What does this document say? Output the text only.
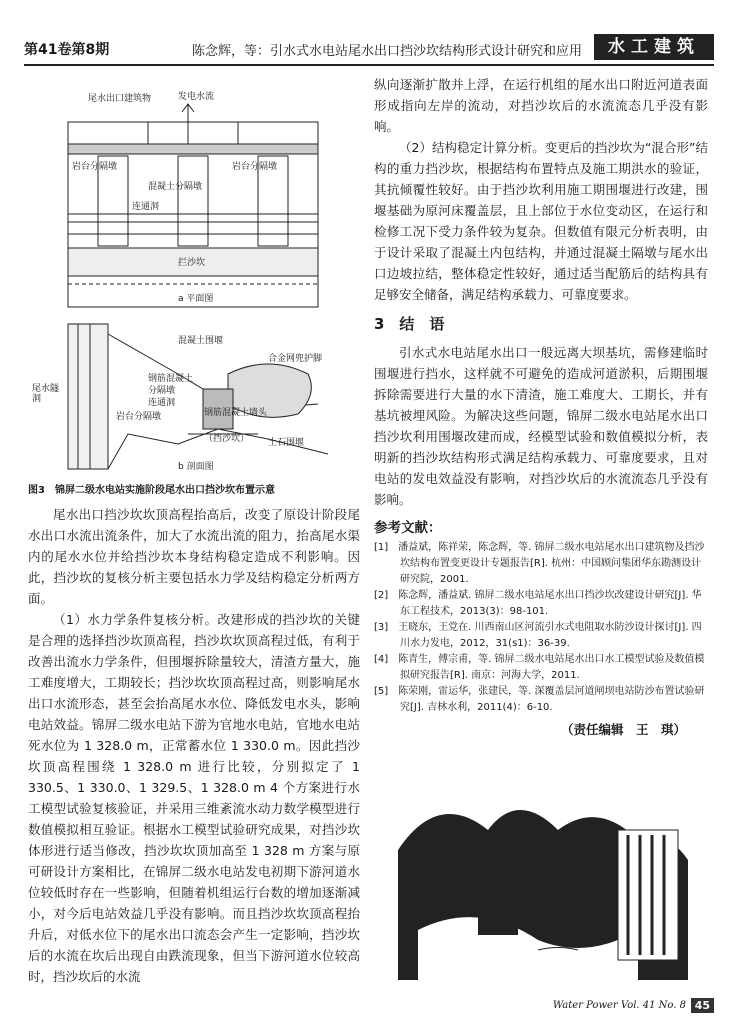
第41卷第8期	陈念辉，等：引水式水电站尾水出口挡沙坎结构形式设计研究和应用	水工建筑
尾水出口建筑物	发电水流
岩台分隔墩	岩台分隔墩
混凝土分隔墩
连通洞
拦沙坎
a 平面图
混凝土围堰
合金网兜护脚
钢筋混凝土
分隔墩
连通洞
尾水隧洞
岩台分隔墩	钢筋混凝土墙头
（挡沙坎） 土石围堰
b 剖面图
图3　锦屏二级水电站实施阶段尾水出口挡沙坎布置示意

尾水出口挡沙坎坎顶高程抬高后，改变了原设计阶段尾水出口水流出流条件，加大了水流出流的阻力，抬高尾水渠内的尾水水位并给挡沙坎本身结构稳定造成不利影响。因此，挡沙坎的复核分析主要包括水力学及结构稳定分析两方面。

（1）水力学条件复核分析。改建形成的挡沙坎的关键是合理的选择挡沙坎顶高程，挡沙坎坎顶高程过低，有利于改善出流水力学条件，但围堰拆除量较大，清渣方量大，施工难度增大，工期较长；挡沙坎坎顶高程过高，则影响尾水出口水流形态，甚至会抬高尾水水位、降低发电水头，影响电站效益。锦屏二级水电站下游为官地水电站，官地水电站死水位为 1 328.0 m，正常蓄水位 1 330.0 m。因此挡沙坎顶高程围绕 1 328.0 m 进行比较，分别拟定了 1 330.5、1 330.0、1 329.5、1 328.0 m 4 个方案进行水工模型试验复核验证，并采用三维紊流水动力数学模型进行数值模拟相互验证。根据水工模型试验研究成果，对挡沙坎体形进行适当修改，挡沙坎坎顶加高至 1 328 m 方案与原可研设计方案相比，在锦屏二级水电站发电初期下游河道水位较低时存在一些影响，但随着机组运行台数的增加逐渐减小，对今后电站效益几乎没有影响。而且挡沙坎坎顶高程抬升后，对低水位下的尾水出口流态会产生一定影响，挡沙坎后的水流在坎后出现自由跌流现象，但当下游河道水位较高时，挡沙坎后的水流

纵向逐渐扩散并上浮，在运行机组的尾水出口附近河道表面形成指向左岸的流动，对挡沙坎后的水流流态几乎没有影响。

（2）结构稳定计算分析。变更后的挡沙坎为“混合形”结构的重力挡沙坎，根据结构布置特点及施工期洪水的验证，其抗倾覆性较好。由于挡沙坎利用施工期围堰进行改建，围堰基础为原河床覆盖层，且上部位于水位变动区，在运行和检修工况下受力条件较为复杂。但数值有限元分析表明，由于设计采取了混凝土内包结构，并通过混凝土隔墩与尾水出口边坡拉结，整体稳定性较好，通过适当配筋后的结构具有足够安全储备，满足结构承载力、可靠度要求。

3　结　语

引水式水电站尾水出口一般远离大坝基坑，需修建临时围堰进行挡水，这样就不可避免的造成河道淤积，后期围堰拆除需要进行大量的水下清渣，施工难度大、工期长，并有基坑被埋风险。为解决这些问题，锦屏二级水电站尾水出口挡沙坎利用围堰改建而成，经模型试验和数值模拟分析，表明新的挡沙坎结构形式满足结构承载力、可靠度要求，且对电站的发电效益没有影响，对挡沙坎后的水流流态几乎没有影响。

参考文献：

[1]　潘益斌，陈祥荣，陈念辉，等. 锦屏二级水电站尾水出口建筑物及挡沙坎结构布置变更设计专题报告[R]. 杭州：中国顾问集团华东勘测设计研究院，2001.

[2]　陈念辉，潘益斌. 锦屏二级水电站尾水出口挡沙坎改建设计研究[J]. 华东工程技术，2013(3)：98-101.

[3]　王晓东，王党在. 川西南山区河流引水式电阻取水防沙设计探讨[J]. 四川水力发电，2012，31(s1)：36-39.

[4]　陈青生，傅宗甫，等. 锦屏二级水电站尾水出口水工模型试验及数值模拟研究报告[R]. 南京：河海大学，2011.

[5]　陈荣刚，雷运华，张建民，等. 深覆盖层河道闸坝电站防沙布置试验研究[J]. 吉林水利，2011(4)：6-10.

（责任编辑　王　琪）
Water Power Vol. 41 No. 8 45
